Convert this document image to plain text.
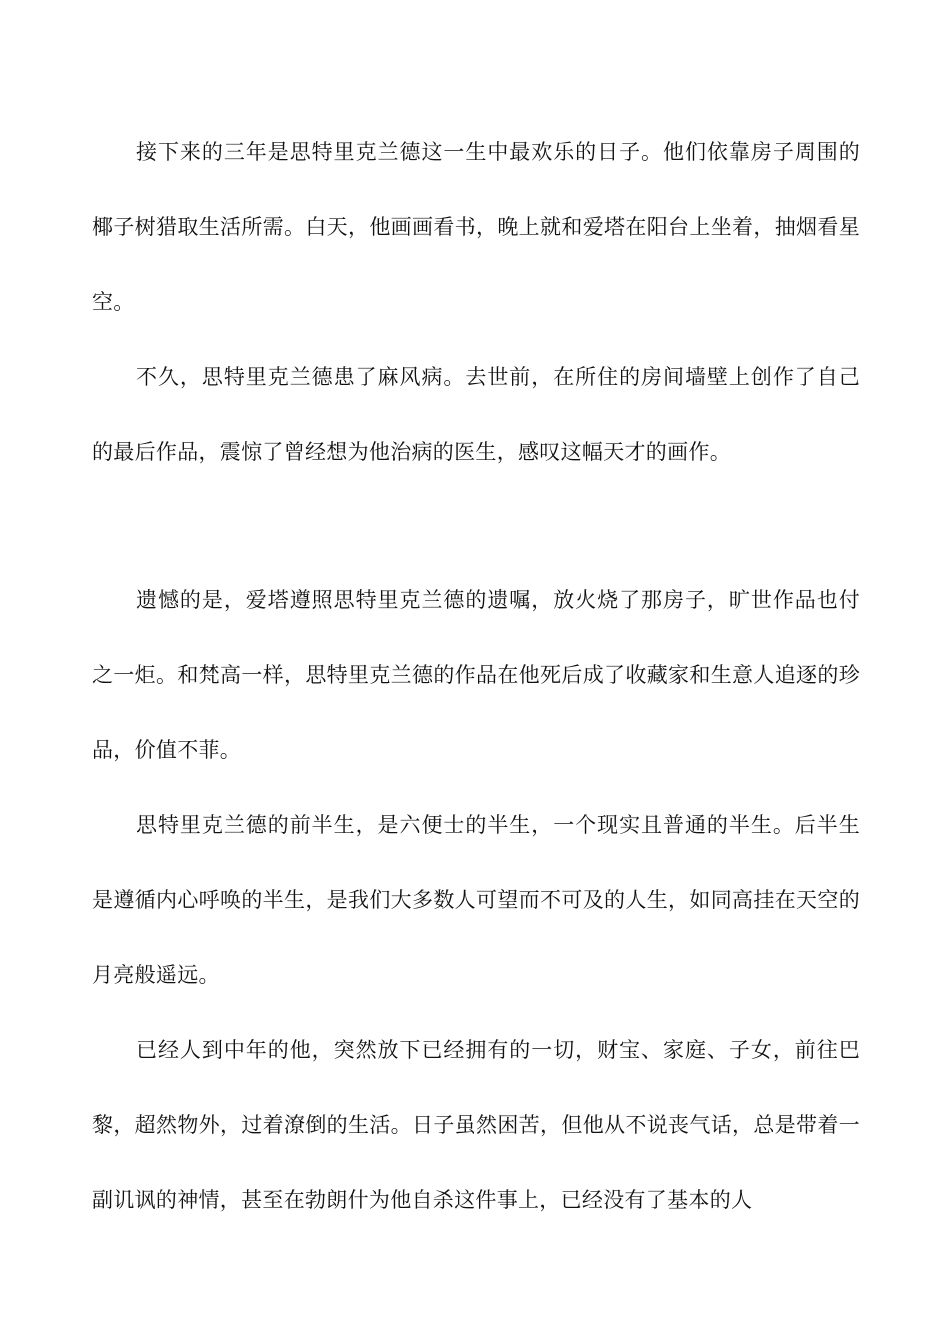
接下来的三年是思特里克兰德这一生中最欢乐的日子。他们依靠房子周围的椰子树猎取生活所需。白天，他画画看书，晚上就和爱塔在阳台上坐着，抽烟看星空。

不久，思特里克兰德患了麻风病。去世前，在所住的房间墙壁上创作了自己的最后作品，震惊了曾经想为他治病的医生，感叹这幅天才的画作。

遗憾的是，爱塔遵照思特里克兰德的遗嘱，放火烧了那房子，旷世作品也付之一炬。和梵高一样，思特里克兰德的作品在他死后成了收藏家和生意人追逐的珍品，价值不菲。

思特里克兰德的前半生，是六便士的半生，一个现实且普通的半生。后半生是遵循内心呼唤的半生，是我们大多数人可望而不可及的人生，如同高挂在天空的月亮般遥远。

已经人到中年的他，突然放下已经拥有的一切，财宝、家庭、子女，前往巴黎，超然物外，过着潦倒的生活。日子虽然困苦，但他从不说丧气话，总是带着一副讥讽的神情，甚至在勃朗什为他自杀这件事上，已经没有了基本的人
